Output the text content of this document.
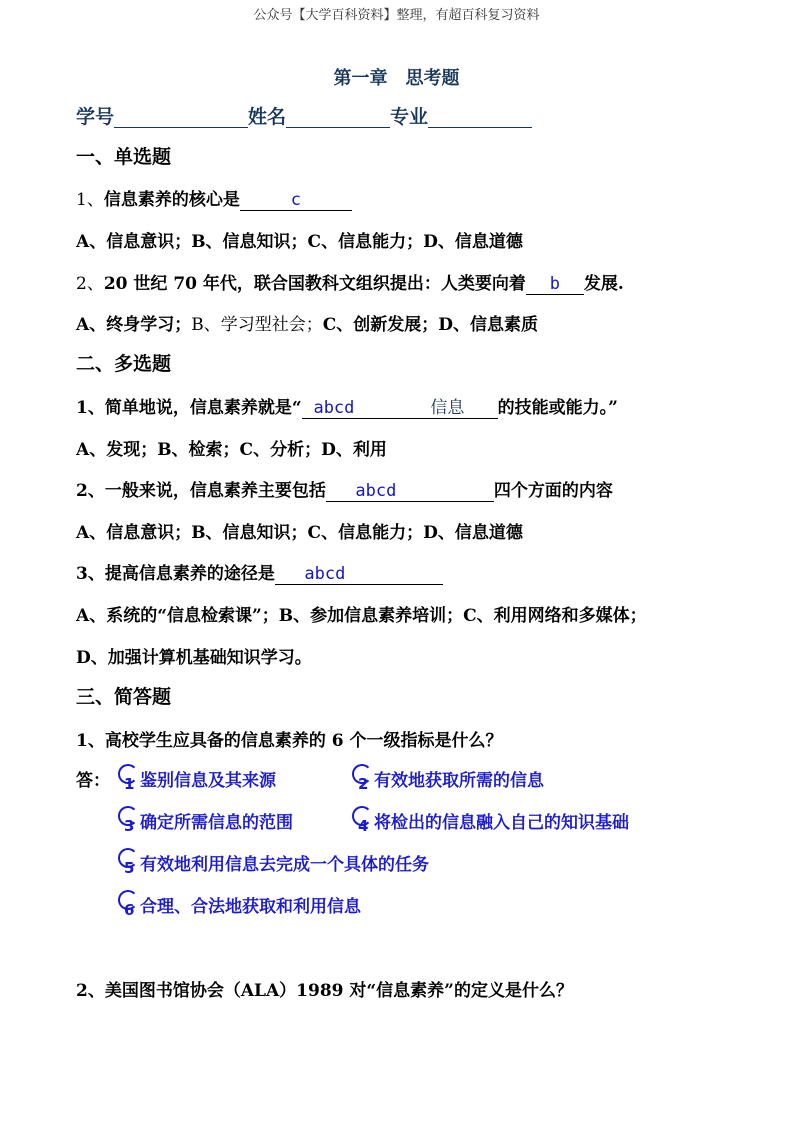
公众号【大学百科资料】整理，有超百科复习资料
第一章　思考题
学号	姓名	专业
一、单选题
1、信息素养的核心是	c
A、信息意识；B、信息知识；C、信息能力；D、信息道德
2、20 世纪 70 年代，联合国教科文组织提出：人类要向着 b 发展.
A、终身学习；B、学习型社会；C、创新发展；D、信息素质
二、多选题
1、简单地说，信息素养就是“ abcd	信息 的技能或能力。”
A、发现；B、检索；C、分析；D、利用
2、一般来说，信息素养主要包括 abcd	四个方面的内容
A、信息意识；B、信息知识；C、信息能力；D、信息道德
3、提高信息素养的途径是 abcd
A、系统的“信息检索课”；B、参加信息素养培训；C、利用网络和多媒体；
D、加强计算机基础知识学习。
三、简答题
1、高校学生应具备的信息素养的 6 个一级指标是什么？
答： 1 鉴别信息及其来源	2 有效地获取所需的信息
3 确定所需信息的范围	4 将检出的信息融入自己的知识基础
5 有效地利用信息去完成一个具体的任务
6 合理、合法地获取和利用信息
2、美国图书馆协会（ALA）1989 对“信息素养”的定义是什么？
